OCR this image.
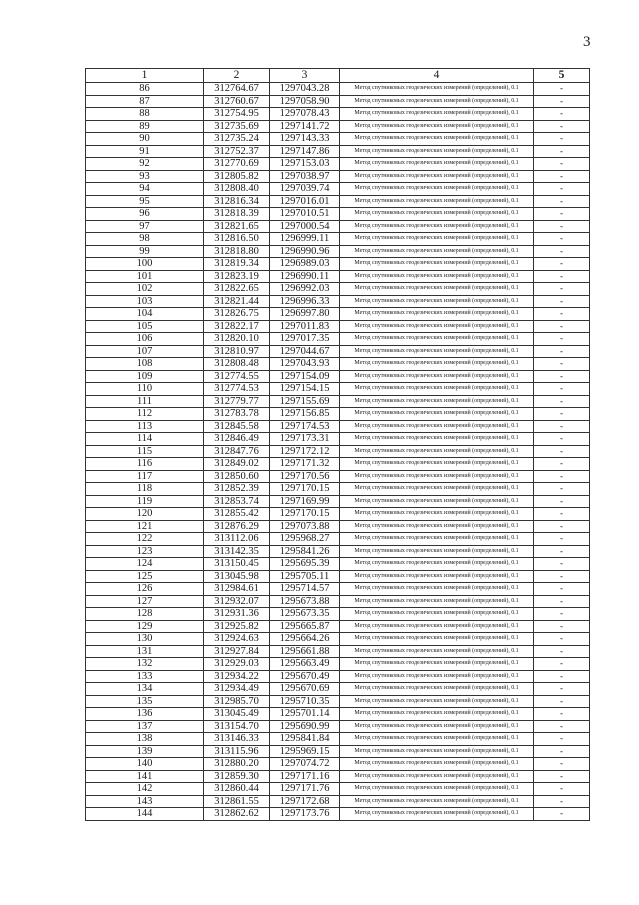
3
1	2	3	4	5
86	312764.67	1297043.28	Метод спутниковых геодезических измерений (определений), 0.1	-
87	312760.67	1297058.90	Метод спутниковых геодезических измерений (определений), 0.1	-
88	312754.95	1297078.43	Метод спутниковых геодезических измерений (определений), 0.1	-
89	312735.69	1297141.72	Метод спутниковых геодезических измерений (определений), 0.1	-
90	312735.24	1297143.33	Метод спутниковых геодезических измерений (определений), 0.1	-
91	312752.37	1297147.86	Метод спутниковых геодезических измерений (определений), 0.1	-
92	312770.69	1297153.03	Метод спутниковых геодезических измерений (определений), 0.1	-
93	312805.82	1297038.97	Метод спутниковых геодезических измерений (определений), 0.1	-
94	312808.40	1297039.74	Метод спутниковых геодезических измерений (определений), 0.1	-
95	312816.34	1297016.01	Метод спутниковых геодезических измерений (определений), 0.1	-
96	312818.39	1297010.51	Метод спутниковых геодезических измерений (определений), 0.1	-
97	312821.65	1297000.54	Метод спутниковых геодезических измерений (определений), 0.1	-
98	312816.50	1296999.11	Метод спутниковых геодезических измерений (определений), 0.1	-
99	312818.80	1296990.96	Метод спутниковых геодезических измерений (определений), 0.1	-
100	312819.34	1296989.03	Метод спутниковых геодезических измерений (определений), 0.1	-
101	312823.19	1296990.11	Метод спутниковых геодезических измерений (определений), 0.1	-
102	312822.65	1296992.03	Метод спутниковых геодезических измерений (определений), 0.1	-
103	312821.44	1296996.33	Метод спутниковых геодезических измерений (определений), 0.1	-
104	312826.75	1296997.80	Метод спутниковых геодезических измерений (определений), 0.1	-
105	312822.17	1297011.83	Метод спутниковых геодезических измерений (определений), 0.1	-
106	312820.10	1297017.35	Метод спутниковых геодезических измерений (определений), 0.1	-
107	312810.97	1297044.67	Метод спутниковых геодезических измерений (определений), 0.1	-
108	312808.48	1297043.93	Метод спутниковых геодезических измерений (определений), 0.1	-
109	312774.55	1297154.09	Метод спутниковых геодезических измерений (определений), 0.1	-
110	312774.53	1297154.15	Метод спутниковых геодезических измерений (определений), 0.1	-
111	312779.77	1297155.69	Метод спутниковых геодезических измерений (определений), 0.1	-
112	312783.78	1297156.85	Метод спутниковых геодезических измерений (определений), 0.1	-
113	312845.58	1297174.53	Метод спутниковых геодезических измерений (определений), 0.1	-
114	312846.49	1297173.31	Метод спутниковых геодезических измерений (определений), 0.1	-
115	312847.76	1297172.12	Метод спутниковых геодезических измерений (определений), 0.1	-
116	312849.02	1297171.32	Метод спутниковых геодезических измерений (определений), 0.1	-
117	312850.60	1297170.56	Метод спутниковых геодезических измерений (определений), 0.1	-
118	312852.39	1297170.15	Метод спутниковых геодезических измерений (определений), 0.1	-
119	312853.74	1297169.99	Метод спутниковых геодезических измерений (определений), 0.1	-
120	312855.42	1297170.15	Метод спутниковых геодезических измерений (определений), 0.1	-
121	312876.29	1297073.88	Метод спутниковых геодезических измерений (определений), 0.1	-
122	313112.06	1295968.27	Метод спутниковых геодезических измерений (определений), 0.1	-
123	313142.35	1295841.26	Метод спутниковых геодезических измерений (определений), 0.1	-
124	313150.45	1295695.39	Метод спутниковых геодезических измерений (определений), 0.1	-
125	313045.98	1295705.11	Метод спутниковых геодезических измерений (определений), 0.1	-
126	312984.61	1295714.57	Метод спутниковых геодезических измерений (определений), 0.1	-
127	312932.07	1295673.88	Метод спутниковых геодезических измерений (определений), 0.1	-
128	312931.36	1295673.35	Метод спутниковых геодезических измерений (определений), 0.1	-
129	312925.82	1295665.87	Метод спутниковых геодезических измерений (определений), 0.1	-
130	312924.63	1295664.26	Метод спутниковых геодезических измерений (определений), 0.1	-
131	312927.84	1295661.88	Метод спутниковых геодезических измерений (определений), 0.1	-
132	312929.03	1295663.49	Метод спутниковых геодезических измерений (определений), 0.1	-
133	312934.22	1295670.49	Метод спутниковых геодезических измерений (определений), 0.1	-
134	312934.49	1295670.69	Метод спутниковых геодезических измерений (определений), 0.1	-
135	312985.70	1295710.35	Метод спутниковых геодезических измерений (определений), 0.1	-
136	313045.49	1295701.14	Метод спутниковых геодезических измерений (определений), 0.1	-
137	313154.70	1295690.99	Метод спутниковых геодезических измерений (определений), 0.1	-
138	313146.33	1295841.84	Метод спутниковых геодезических измерений (определений), 0.1	-
139	313115.96	1295969.15	Метод спутниковых геодезических измерений (определений), 0.1	-
140	312880.20	1297074.72	Метод спутниковых геодезических измерений (определений), 0.1	-
141	312859.30	1297171.16	Метод спутниковых геодезических измерений (определений), 0.1	-
142	312860.44	1297171.76	Метод спутниковых геодезических измерений (определений), 0.1	-
143	312861.55	1297172.68	Метод спутниковых геодезических измерений (определений), 0.1	-
144	312862.62	1297173.76	Метод спутниковых геодезических измерений (определений), 0.1	-
